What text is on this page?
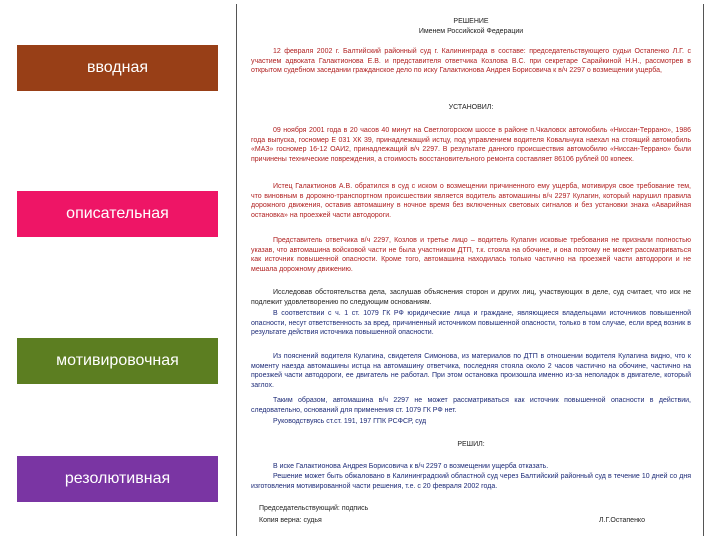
вводная
описательная
мотивировочная
резолютивная
РЕШЕНИЕ
Именем Российской Федерации
12 февраля 2002 г. Балтийский районный суд г. Калининграда в составе: председательствующего судьи Остапенко Л.Г. с участием адвоката Галактионова Е.В. и представителя ответчика Козлова В.С. при секретаре Сарайкиной Н.Н., рассмотрев в открытом судебном заседании гражданское дело по иску Галактионова Андрея Борисовича к в/ч 2297 о возмещении ущерба,
УСТАНОВИЛ:
09 ноября 2001 года в 20 часов 40 минут на Светлогорском шоссе в районе п.Чкаловск автомобиль «Ниссан-Террано», 1986 года выпуска, госномер Е 031 ХК 39, принадлежащий истцу, под управлением водителя Ковальчука наехал на стоящий автомобиль «МАЗ» госномер 16-12 ОАИ2, принадлежащий в/ч 2297. В результате данного происшествия автомобилю «Ниссан-Террано» были причинены технические повреждения, а стоимость восстановительного ремонта составляет 86106 рублей 00 копеек.
Истец Галактионов А.В. обратился в суд с иском о возмещении причиненного ему ущерба, мотивируя свое требование тем, что виновным в дорожно-транспортном происшествии является водитель автомашины в/ч 2297 Кулагин, который нарушил правила дорожного движения, оставив автомашину в ночное время без включенных световых сигналов и без установки знака «Аварийная остановка» на проезжей части автодороги.
Представитель ответчика в/ч 2297, Козлов и третье лицо – водитель Кулагин исковые требования не признали полностью указав, что автомашина войсковой части не была участником ДТП, т.к. стояла на обочине, и она поэтому не может рассматриваться как источник повышенной опасности. Кроме того, автомашина находилась только частично на проезжей части автодороги и не мешала дорожному движению.
Исследовав обстоятельства дела, заслушав объяснения сторон и других лиц, участвующих в деле, суд считает, что иск не подлежит удовлетворению по следующим основаниям.
В соответствии с ч. 1 ст. 1079 ГК РФ юридические лица и граждане, являющиеся владельцами источников повышенной опасности, несут ответственность за вред, причиненный источником повышенной опасности, только в том случае, если вред возник в результате действия источника повышенной опасности.
Из пояснений водителя Кулагина, свидетеля Симонова, из материалов по ДТП в отношении водителя Кулагина видно, что к моменту наезда автомашины истца на автомашину ответчика, последняя стояла около 2 часов частично на обочине, частично на проезжей части автодороги, ее двигатель не работал. При этом остановка произошла именно из-за неполадок в двигателе, который заглох.
Таким образом, автомашина в/ч 2297 не может рассматриваться как источник повышенной опасности в действии, следовательно, оснований для применения ст. 1079 ГК РФ нет.
Руководствуясь ст.ст. 191, 197 ГПК РСФСР, суд
РЕШИЛ:
В иске Галактионова Андрея Борисовича к в/ч 2297 о возмещении ущерба отказать.
Решение может быть обжаловано в Калининградский областной суд через Балтийский районный суд в течение 10 дней со дня изготовления мотивированной части решения, т.е. с 20 февраля 2002 года.
Председательствующий: подпись
Копия верна: судья	Л.Г.Остапенко
